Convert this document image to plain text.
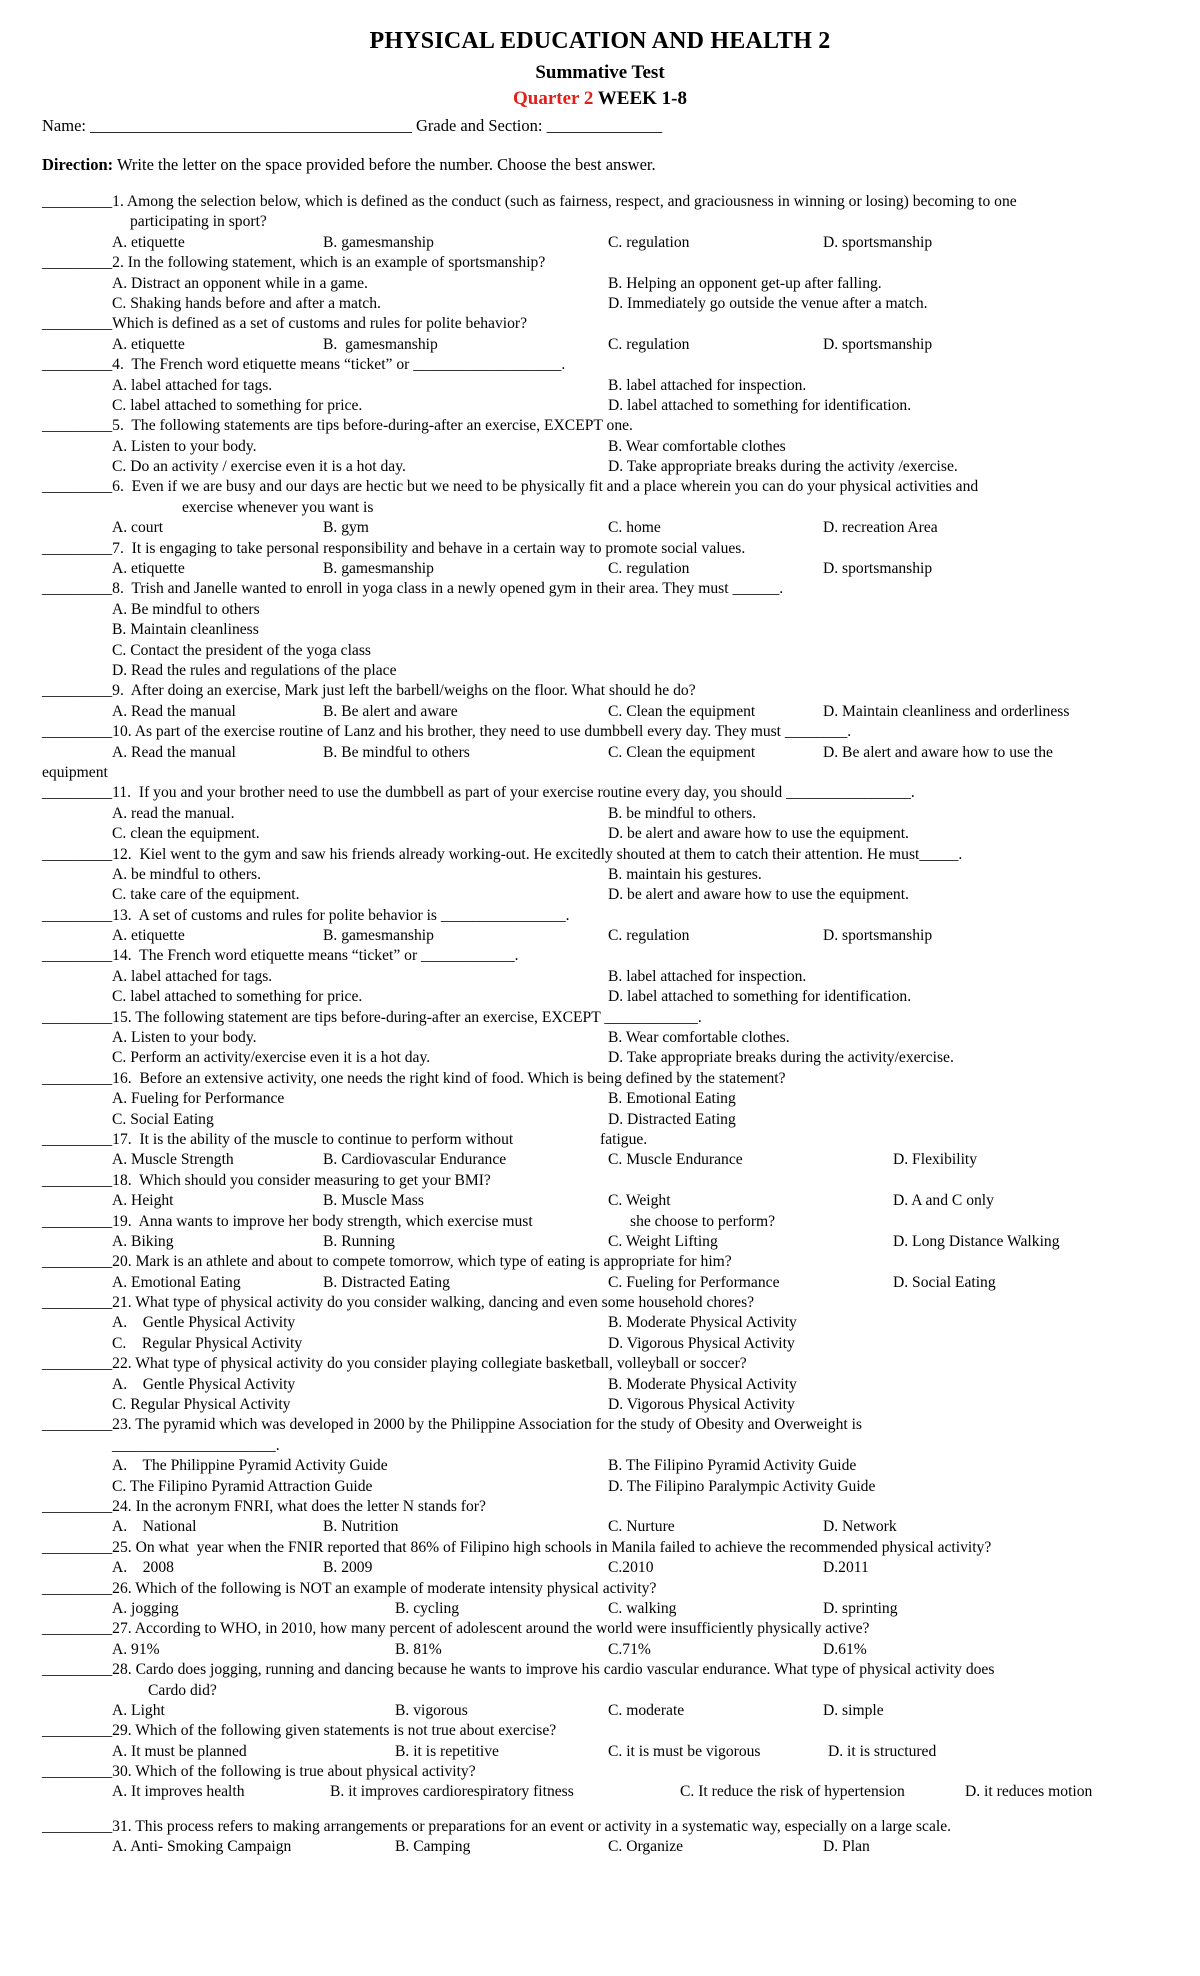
PHYSICAL EDUCATION AND HEALTH 2
Summative Test
Quarter 2 WEEK 1-8
Name: _______________________________________ Grade and Section: ______________
Direction: Write the letter on the space provided before the number. Choose the best answer.
_________1. Among the selection below, which is defined as the conduct (such as fairness, respect, and graciousness in winning or losing) becoming to one
participating in sport?
A. etiquette	B. gamesmanship	C. regulation	D. sportsmanship
_________2. In the following statement, which is an example of sportsmanship?
A. Distract an opponent while in a game.	B. Helping an opponent get-up after falling.
C. Shaking hands before and after a match.	D. Immediately go outside the venue after a match.
_________Which is defined as a set of customs and rules for polite behavior?
A. etiquette	B.  gamesmanship	C. regulation	D. sportsmanship
_________4.  The French word etiquette means “ticket” or ___________________.
A. label attached for tags.	B. label attached for inspection.
C. label attached to something for price.	D. label attached to something for identification.
_________5.  The following statements are tips before-during-after an exercise, EXCEPT one.
A. Listen to your body.	B. Wear comfortable clothes
C. Do an activity / exercise even it is a hot day.	D. Take appropriate breaks during the activity /exercise.
_________6.  Even if we are busy and our days are hectic but we need to be physically fit and a place wherein you can do your physical activities and
exercise whenever you want is
A. court	B. gym	C. home	D. recreation Area
_________7.  It is engaging to take personal responsibility and behave in a certain way to promote social values.
A. etiquette	B. gamesmanship	C. regulation	D. sportsmanship
_________8.  Trish and Janelle wanted to enroll in yoga class in a newly opened gym in their area. They must ______.
A. Be mindful to others
B. Maintain cleanliness
C. Contact the president of the yoga class
D. Read the rules and regulations of the place
_________9.  After doing an exercise, Mark just left the barbell/weighs on the floor. What should he do?
A. Read the manual	B. Be alert and aware	C. Clean the equipment	D. Maintain cleanliness and orderliness
_________10. As part of the exercise routine of Lanz and his brother, they need to use dumbbell every day. They must ________.
A. Read the manual	B. Be mindful to others	C. Clean the equipment	D. Be alert and aware how to use the
equipment
_________11.  If you and your brother need to use the dumbbell as part of your exercise routine every day, you should ________________.
A. read the manual.	B. be mindful to others.
C. clean the equipment.	D. be alert and aware how to use the equipment.
_________12.  Kiel went to the gym and saw his friends already working-out. He excitedly shouted at them to catch their attention. He must_____.
A. be mindful to others.	B. maintain his gestures.
C. take care of the equipment.	D. be alert and aware how to use the equipment.
_________13.  A set of customs and rules for polite behavior is ________________.
A. etiquette	B. gamesmanship	C. regulation	D. sportsmanship
_________14.  The French word etiquette means “ticket” or ____________.
A. label attached for tags.	B. label attached for inspection.
C. label attached to something for price.	D. label attached to something for identification.
_________15. The following statement are tips before-during-after an exercise, EXCEPT ____________.
A. Listen to your body.	B. Wear comfortable clothes.
C. Perform an activity/exercise even it is a hot day.	D. Take appropriate breaks during the activity/exercise.
_________16.  Before an extensive activity, one needs the right kind of food. Which is being defined by the statement?
A. Fueling for Performance	B. Emotional Eating
C. Social Eating	D. Distracted Eating
_________17.  It is the ability of the muscle to continue to perform without	fatigue.
A. Muscle Strength	B. Cardiovascular Endurance	C. Muscle Endurance	D. Flexibility
_________18.  Which should you consider measuring to get your BMI?
A. Height	B. Muscle Mass	C. Weight	D. A and C only
_________19.  Anna wants to improve her body strength, which exercise must	she choose to perform?
A. Biking	B. Running	C. Weight Lifting	D. Long Distance Walking
_________20. Mark is an athlete and about to compete tomorrow, which type of eating is appropriate for him?
A. Emotional Eating	B. Distracted Eating	C. Fueling for Performance	D. Social Eating
_________21. What type of physical activity do you consider walking, dancing and even some household chores?
A.    Gentle Physical Activity	B. Moderate Physical Activity
C.    Regular Physical Activity	D. Vigorous Physical Activity
_________22. What type of physical activity do you consider playing collegiate basketball, volleyball or soccer?
A.    Gentle Physical Activity	B. Moderate Physical Activity
C. Regular Physical Activity	D. Vigorous Physical Activity
_________23. The pyramid which was developed in 2000 by the Philippine Association for the study of Obesity and Overweight is
_____________________.
A.    The Philippine Pyramid Activity Guide	B. The Filipino Pyramid Activity Guide
C. The Filipino Pyramid Attraction Guide	D. The Filipino Paralympic Activity Guide
_________24. In the acronym FNRI, what does the letter N stands for?
A.    National	B. Nutrition	C. Nurture	D. Network
_________25. On what  year when the FNIR reported that 86% of Filipino high schools in Manila failed to achieve the recommended physical activity?
A.    2008	B. 2009	C.2010	D.2011
_________26. Which of the following is NOT an example of moderate intensity physical activity?
A. jogging	B. cycling	C. walking	D. sprinting
_________27. According to WHO, in 2010, how many percent of adolescent around the world were insufficiently physically active?
A. 91%	B. 81%	C.71%	D.61%
_________28. Cardo does jogging, running and dancing because he wants to improve his cardio vascular endurance. What type of physical activity does
Cardo did?
A. Light	B. vigorous	C. moderate	D. simple
_________29. Which of the following given statements is not true about exercise?
A. It must be planned	B. it is repetitive	C. it is must be vigorous	D. it is structured
_________30. Which of the following is true about physical activity?
A. It improves health	B. it improves cardiorespiratory fitness	C. It reduce the risk of hypertension	D. it reduces motion
_________31. This process refers to making arrangements or preparations for an event or activity in a systematic way, especially on a large scale.
A. Anti- Smoking Campaign	B. Camping	C. Organize	D. Plan
